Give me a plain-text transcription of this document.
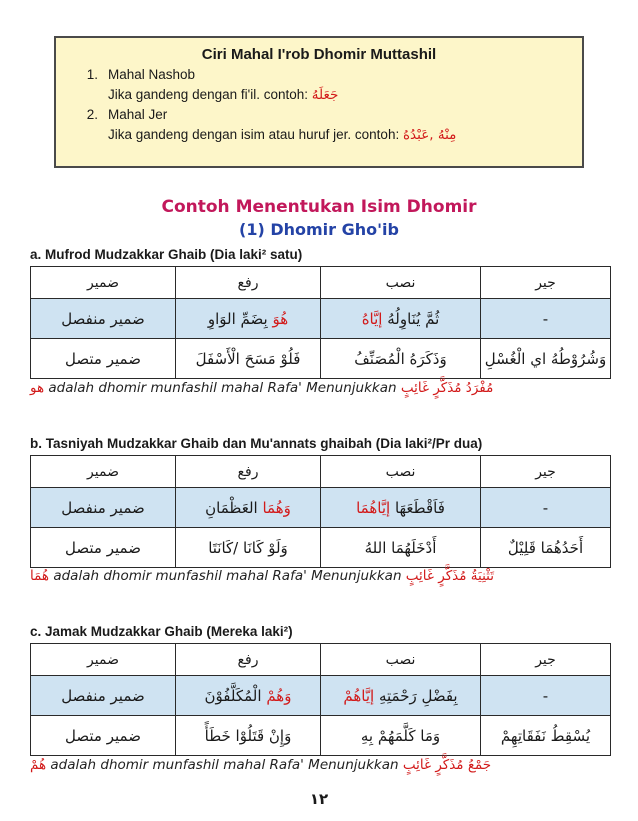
Ciri Mahal I'rob Dhomir Muttashil
1. Mahal Nashob
Jika gandeng dengan fi'il. contoh: جَعَلَهُ
2. Mahal Jer
Jika gandeng dengan isim atau huruf jer. contoh: مِنْهُ ,عَبْدُهُ
Contoh Menentukan Isim Dhomir
(1) Dhomir Gho'ib
a. Mufrod Mudzakkar Ghaib (Dia laki² satu)
ضمير	رفع	نصب	جير
ضمير منفصل	هُوَ بِضَمِّ الوَاوِ	ثُمَّ يُنَاوِلُهُ إيَّاهُ	-
ضمير متصل	فَلُوْ مَسَحَ الْأَسْفَلَ	وَذَكَرَهُ الْمُصَنِّفُ	وَشُرُوْطُهُ اي الْغُسْلِ
هو adalah dhomir munfashil mahal Rafa' Menunjukkan مُفْرَدُ مُذَكَّرٍ غَائِبٍ
b. Tasniyah Mudzakkar Ghaib dan Mu'annats ghaibah (Dia laki²/Pr dua)
ضمير	رفع	نصب	جير
ضمير منفصل	وَهُمَا العَظْمَانِ	فَاَقْطَعَهَا إيَّاهُمَا	-
ضمير متصل	وَلَوْ كَانَا /كَانَتَا	أَدْخَلَهُمَا اللهُ	أَحَدُهُمَا قَلِيْلٌ
هُمَا adalah dhomir munfashil mahal Rafa' Menunjukkan تَثْنِيَةُ مُذَكَّرٍ غَائِبٍ
c. Jamak Mudzakkar Ghaib (Mereka laki²)
ضمير	رفع	نصب	جير
ضمير منفصل	وَهُمْ الْمُكَلَّفُوْنَ	بِفَضْلِ رَحْمَتِهِ إيَّاهُمْ	-
ضمير متصل	وَإِنْ قَتَلُوْا خَطَأً	وَمَا كَلَّمَهُمْ بِهِ	يُسْقِطُ نَفَقَاتِهِمْ
هُمْ adalah dhomir munfashil mahal Rafa' Menunjukkan جَمْعُ مُذَكَّرٍ غَائِبٍ
١٢
